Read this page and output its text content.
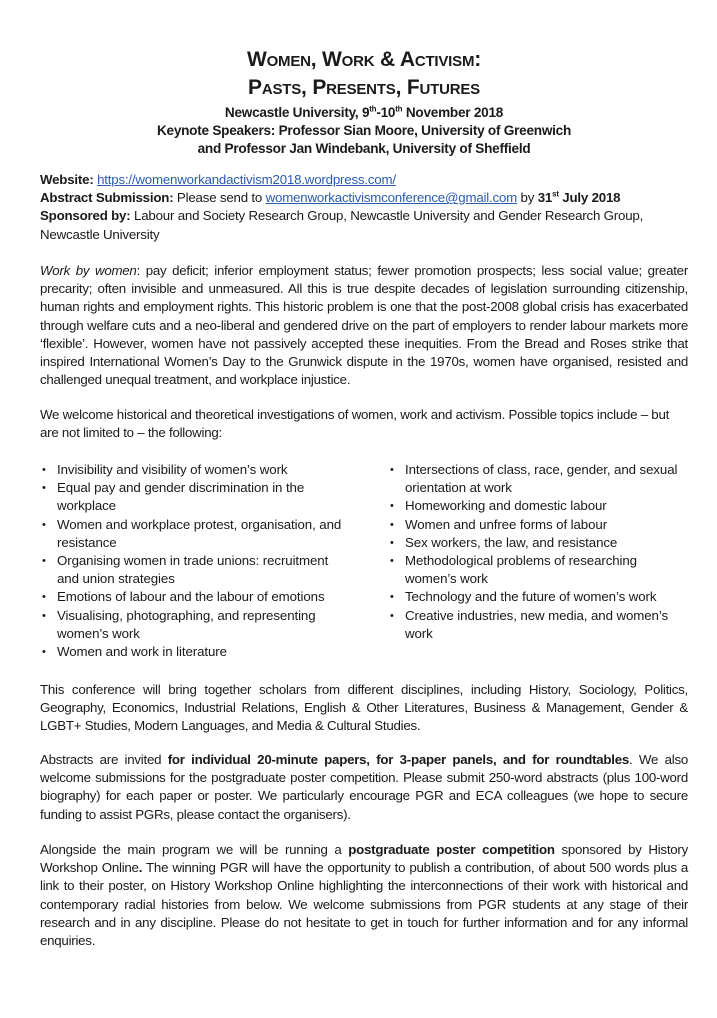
Women, Work & Activism:
Pasts, Presents, Futures
Newcastle University, 9th-10th November 2018
Keynote Speakers: Professor Sian Moore, University of Greenwich
and Professor Jan Windebank, University of Sheffield
Website: https://womenworkandactivism2018.wordpress.com/
Abstract Submission: Please send to womenworkactivismconference@gmail.com by 31st July 2018
Sponsored by: Labour and Society Research Group, Newcastle University and Gender Research Group, Newcastle University
Work by women: pay deficit; inferior employment status; fewer promotion prospects; less social value; greater precarity; often invisible and unmeasured. All this is true despite decades of legislation surrounding citizenship, human rights and employment rights. This historic problem is one that the post-2008 global crisis has exacerbated through welfare cuts and a neo-liberal and gendered drive on the part of employers to render labour markets more ‘flexible’. However, women have not passively accepted these inequities. From the Bread and Roses strike that inspired International Women’s Day to the Grunwick dispute in the 1970s, women have organised, resisted and challenged unequal treatment, and workplace injustice.
We welcome historical and theoretical investigations of women, work and activism. Possible topics include – but are not limited to – the following:
• Invisibility and visibility of women’s work
• Equal pay and gender discrimination in the workplace
• Women and workplace protest, organisation, and resistance
• Organising women in trade unions: recruitment and union strategies
• Emotions of labour and the labour of emotions
• Visualising, photographing, and representing women’s work
• Women and work in literature
• Intersections of class, race, gender, and sexual orientation at work
• Homeworking and domestic labour
• Women and unfree forms of labour
• Sex workers, the law, and resistance
• Methodological problems of researching women’s work
• Technology and the future of women’s work
• Creative industries, new media, and women’s work
This conference will bring together scholars from different disciplines, including History, Sociology, Politics, Geography, Economics, Industrial Relations, English & Other Literatures, Business & Management, Gender & LGBT+ Studies, Modern Languages, and Media & Cultural Studies.
Abstracts are invited for individual 20-minute papers, for 3-paper panels, and for roundtables. We also welcome submissions for the postgraduate poster competition. Please submit 250-word abstracts (plus 100-word biography) for each paper or poster. We particularly encourage PGR and ECA colleagues (we hope to secure funding to assist PGRs, please contact the organisers).
Alongside the main program we will be running a postgraduate poster competition sponsored by History Workshop Online. The winning PGR will have the opportunity to publish a contribution, of about 500 words plus a link to their poster, on History Workshop Online highlighting the interconnections of their work with historical and contemporary radial histories from below. We welcome submissions from PGR students at any stage of their research and in any discipline. Please do not hesitate to get in touch for further information and for any informal enquiries.
